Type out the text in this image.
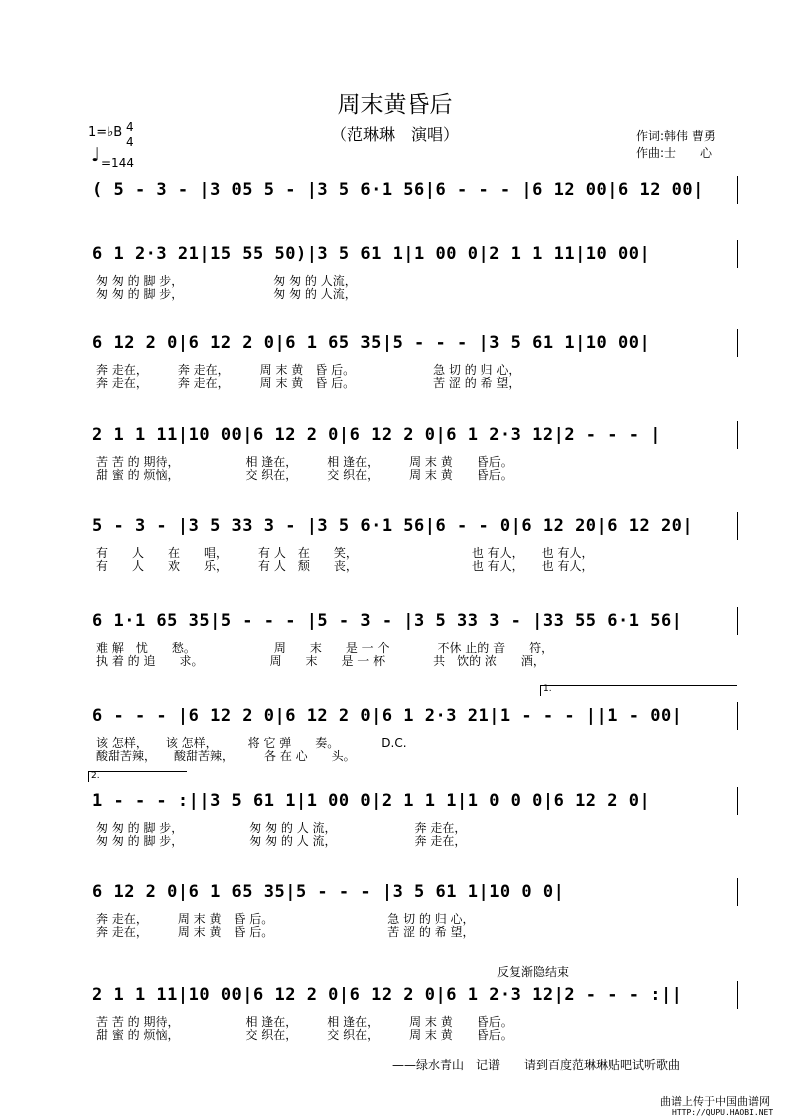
周末黄昏后
（范琳琳　演唱）	作词:韩伟 曹勇
作曲:士　　心
1=♭B 4
4
♩ =144
( 5 - 3 - |3 05 5 - |3 5 6·1 56|6 - - - |6 12 00|6 12 00|
6 1 2·3 21|15 55 50)|3 5 61 1|1 00 0|2 1 1 11|10 00|
匆 匆 的 脚 步，　　　　　　　　匆 匆 的 人流，
匆 匆 的 脚 步，　　　　　　　　匆 匆 的 人流，
6 12 2 0|6 12 2 0|6 1 65 35|5 - - - |3 5 61 1|10 00|
奔 走在，　　　奔 走在，　　　周 末 黄　昏 后。　　　　　　　急 切 的 归 心，
奔 走在，　　　奔 走在，　　　周 末 黄　昏 后。　　　　　　　苦 涩 的 希 望，
2 1 1 11|10 00|6 12 2 0|6 12 2 0|6 1 2·3 12|2 - - - |
苦 苦 的 期待，　　　　　　相 逢在，　　　相 逢在，　　　周 末 黄　　昏后。
甜 蜜 的 烦恼，　　　　　　交 织在，　　　交 织在，　　　周 末 黄　　昏后。
5 - 3 - |3 5 33 3 - |3 5 6·1 56|6 - - 0|6 12 20|6 12 20|
有　　人　　在　　唱，　　　有 人　在　　笑，　　　　　　　　　　也 有人，　　也 有人，
有　　人　　欢　　乐，　　　有 人　颓　　丧，　　　　　　　　　　也 有人，　　也 有人，
6 1·1 65 35|5 - - - |5 - 3 - |3 5 33 3 - |33 55 6·1 56|
难 解　忧　　愁。　　　　　　　周　　末　　是 一 个　　　　不休 止的 音　　符，
执 着 的 追　　求。　　　　　　周　　末　　是 一 杯　　　　共　饮的 浓　　酒，
6 - - - |6 12 2 0|6 12 2 0|6 1 2·3 21|1 - - - ||1 - 00|
该 怎样，　　该 怎样，　　　将 它 弹　　奏。　　　　D.C.
酸甜苦辣，　　酸甜苦辣，　　　各 在 心　　头。
1 - - - :||3 5 61 1|1 00 0|2 1 1 1|1 0 0 0|6 12 2 0|
匆 匆 的 脚 步，　　　　　　匆 匆 的 人 流，　　　　　　　奔 走在，
匆 匆 的 脚 步，　　　　　　匆 匆 的 人 流，　　　　　　　奔 走在，
6 12 2 0|6 1 65 35|5 - - - |3 5 61 1|10 0 0|
奔 走在，　　　周 末 黄　昏 后。　　　　　　　　　　急 切 的 归 心，
奔 走在，　　　周 末 黄　昏 后。　　　　　　　　　　苦 涩 的 希 望，
2 1 1 11|10 00|6 12 2 0|6 12 2 0|6 1 2·3 12|2 - - - :||
苦 苦 的 期待，　　　　　　相 逢在，　　　相 逢在，　　　周 末 黄　　昏后。
甜 蜜 的 烦恼，　　　　　　交 织在，　　　交 织在，　　　周 末 黄　　昏后。
1.
2.
反复渐隐结束
——绿水青山　记谱　　请到百度范琳琳贴吧试听歌曲
曲谱上传于中国曲谱网
HTTP://QUPU.HAOBI.NET
